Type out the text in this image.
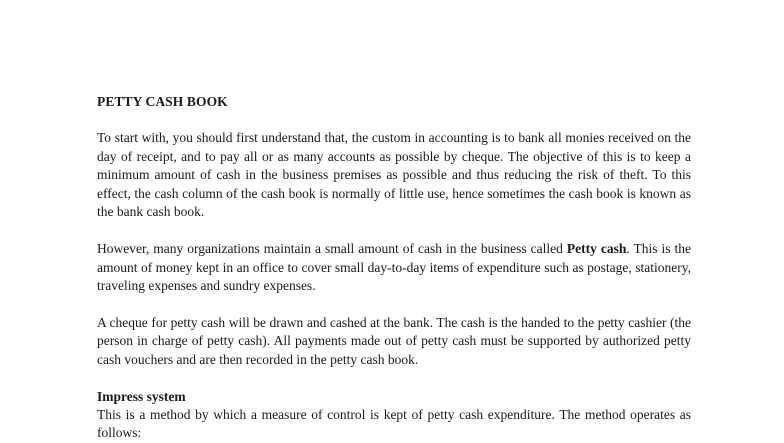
PETTY CASH BOOK

To start with, you should first understand that, the custom in accounting is to bank all monies received on the day of receipt, and to pay all or as many accounts as possible by cheque. The objective of this is to keep a minimum amount of cash in the business premises as possible and thus reducing the risk of theft. To this effect, the cash column of the cash book is normally of little use, hence sometimes the cash book is known as the bank cash book.

However, many organizations maintain a small amount of cash in the business called Petty cash. This is the amount of money kept in an office to cover small day-to-day items of expenditure such as postage, stationery, traveling expenses and sundry expenses.

A cheque for petty cash will be drawn and cashed at the bank. The cash is the handed to the petty cashier (the person in charge of petty cash). All payments made out of petty cash must be supported by authorized petty cash vouchers and are then recorded in the petty cash book.

Impress system

This is a method by which a measure of control is kept of petty cash expenditure. The method operates as follows:
